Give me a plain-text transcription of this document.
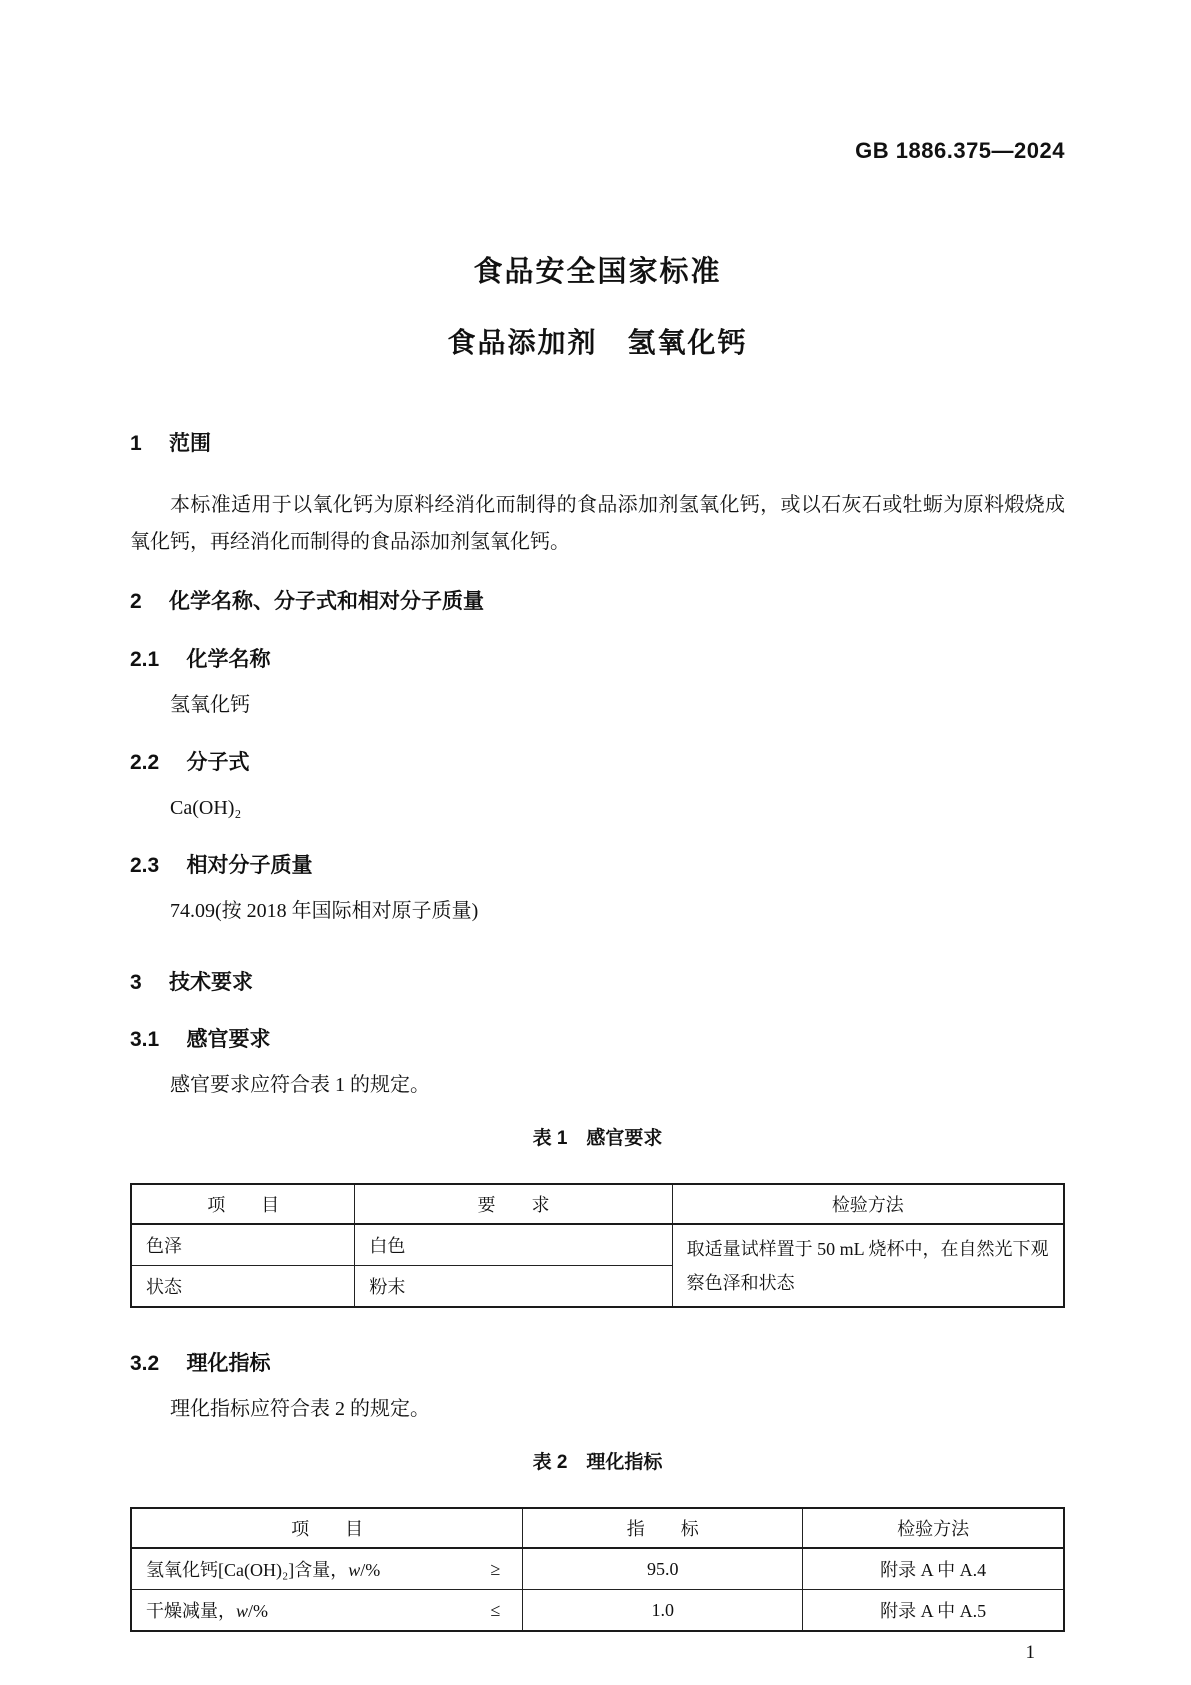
GB 1886.375—2024
食品安全国家标准
食品添加剂　氢氧化钙
1 范围
本标准适用于以氧化钙为原料经消化而制得的食品添加剂氢氧化钙，或以石灰石或牡蛎为原料煅烧成氧化钙，再经消化而制得的食品添加剂氢氧化钙。
2 化学名称、分子式和相对分子质量
2.1 化学名称
氢氧化钙
2.2 分子式
Ca(OH)₂
2.3 相对分子质量
74.09(按 2018 年国际相对原子质量)
3 技术要求
3.1 感官要求
感官要求应符合表 1 的规定。
表 1　感官要求
项　　目	要　　求	检验方法
色泽	白色	取适量试样置于 50 mL 烧杯中，在自然光下观察色泽和状态
状态	粉末	
3.2 理化指标
理化指标应符合表 2 的规定。
表 2　理化指标
项　　目	指　　标	检验方法

氢氧化钙[Ca(OH)₂]含量，w/% ≥	95.0	附录 A 中 A.4

干燥减量，w/% ≤	1.0	附录 A 中 A.5
1
